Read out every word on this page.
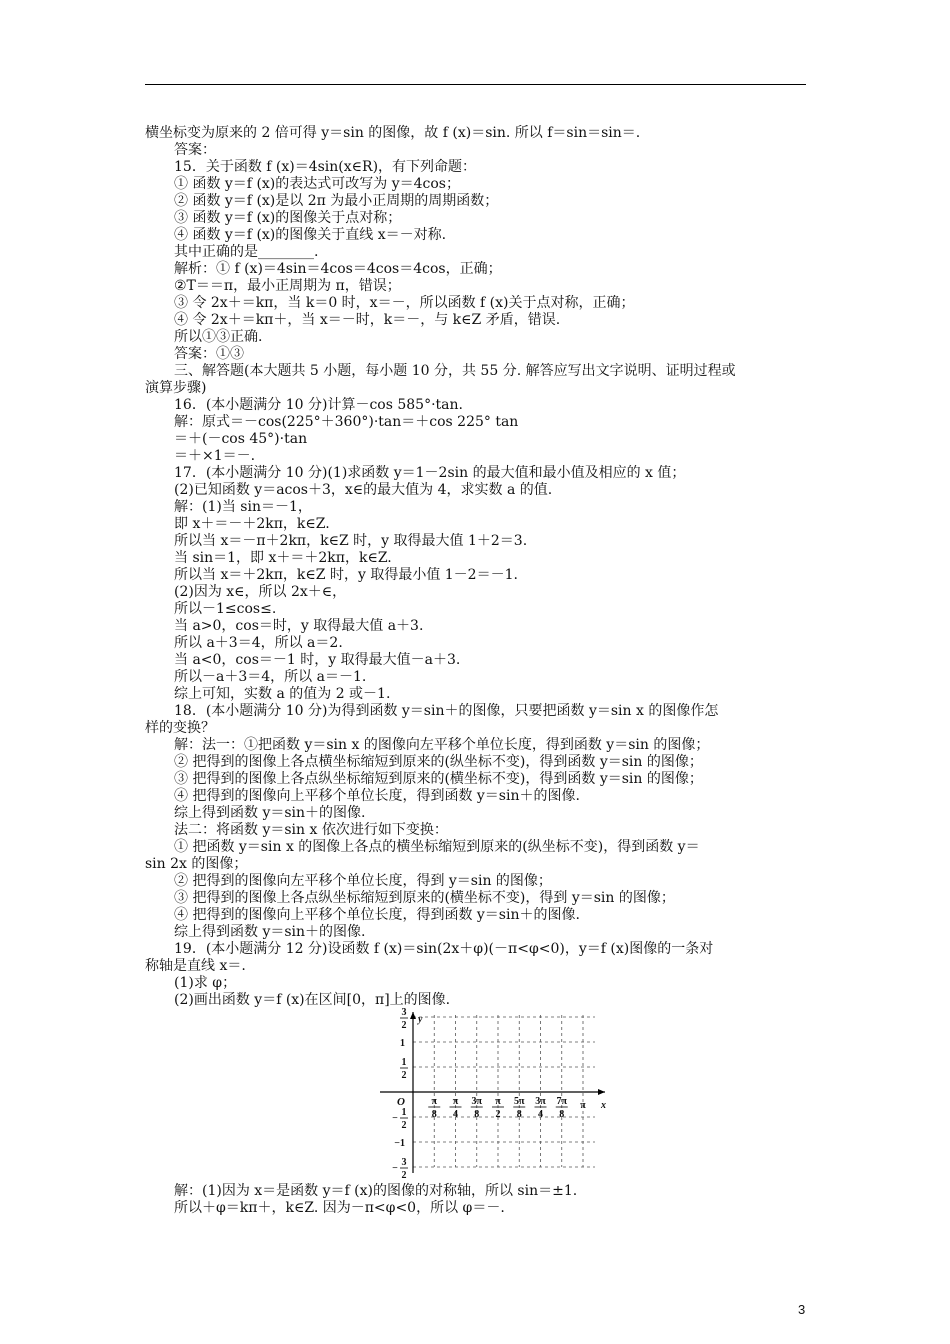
横坐标变为原来的 2 倍可得 y＝sin 的图像，故 f (x)＝sin. 所以 f＝sin＝sin＝.
答案：
15．关于函数 f (x)＝4sin(x∈R)，有下列命题：
① 函数 y＝f (x)的表达式可改写为 y＝4cos；
② 函数 y＝f (x)是以 2π 为最小正周期的周期函数；
③ 函数 y＝f (x)的图像关于点对称；
④ 函数 y＝f (x)的图像关于直线 x＝－对称.
其中正确的是________.
解析：① f (x)＝4sin＝4cos＝4cos＝4cos，正确；
②T＝＝π，最小正周期为 π，错误；
③ 令 2x＋＝kπ，当 k＝0 时，x＝－，所以函数 f (x)关于点对称，正确；
④ 令 2x＋＝kπ＋，当 x＝－时，k＝－，与 k∈Z 矛盾，错误.
所以①③正确.
答案：①③
三、解答题(本大题共 5 小题，每小题 10 分，共 55 分. 解答应写出文字说明、证明过程或
演算步骤)
16．(本小题满分 10 分)计算－cos 585°·tan.
解：原式＝－cos(225°＋360°)·tan＝＋cos 225° tan
＝＋(－cos 45°)·tan
＝＋×1＝－.
17．(本小题满分 10 分)(1)求函数 y＝1－2sin 的最大值和最小值及相应的 x 值；
(2)已知函数 y＝acos＋3，x∈的最大值为 4，求实数 a 的值.
解：(1)当 sin＝－1，
即 x＋＝－＋2kπ，k∈Z.
所以当 x＝－π＋2kπ，k∈Z 时，y 取得最大值 1＋2＝3.
当 sin＝1，即 x＋＝＋2kπ，k∈Z.
所以当 x＝＋2kπ，k∈Z 时，y 取得最小值 1－2＝－1.
(2)因为 x∈，所以 2x＋∈，
所以－1≤cos≤.
当 a>0，cos＝时，y 取得最大值 a＋3.
所以 a＋3＝4，所以 a＝2.
当 a<0，cos＝－1 时，y 取得最大值－a＋3.
所以－a＋3＝4，所以 a＝－1.
综上可知，实数 a 的值为 2 或－1.
18．(本小题满分 10 分)为得到函数 y＝sin＋的图像，只要把函数 y＝sin x 的图像作怎
样的变换？
解：法一：①把函数 y＝sin x 的图像向左平移个单位长度，得到函数 y＝sin 的图像；
② 把得到的图像上各点横坐标缩短到原来的(纵坐标不变)，得到函数 y＝sin 的图像；
③ 把得到的图像上各点纵坐标缩短到原来的(横坐标不变)，得到函数 y＝sin 的图像；
④ 把得到的图像向上平移个单位长度，得到函数 y＝sin＋的图像.
综上得到函数 y＝sin＋的图像.
法二：将函数 y＝sin x 依次进行如下变换：
① 把函数 y＝sin x 的图像上各点的横坐标缩短到原来的(纵坐标不变)，得到函数 y＝
sin 2x 的图像；
② 把得到的图像向左平移个单位长度，得到 y＝sin 的图像；
③ 把得到的图像上各点纵坐标缩短到原来的(横坐标不变)，得到 y＝sin 的图像；
④ 把得到的图像向上平移个单位长度，得到函数 y＝sin＋的图像.
综上得到函数 y＝sin＋的图像.
19．(本小题满分 12 分)设函数 f (x)＝sin(2x＋φ)(－π<φ<0)，y＝f (x)图像的一条对
称轴是直线 x＝.
(1)求 φ；
(2)画出函数 y＝f (x)在区间[0，π]上的图像.
解：(1)因为 x＝是函数 y＝f (x)的图像的对称轴，所以 sin＝±1.
所以＋φ＝kπ＋，k∈Z. 因为－π<φ<0，所以 φ＝－.
x
y
O	π
8
π
4
3π
8
π
2
5π
8
3π
4
7π
8
π
3
2
1
1
2
1
2
−
−1
3
2
−
3
